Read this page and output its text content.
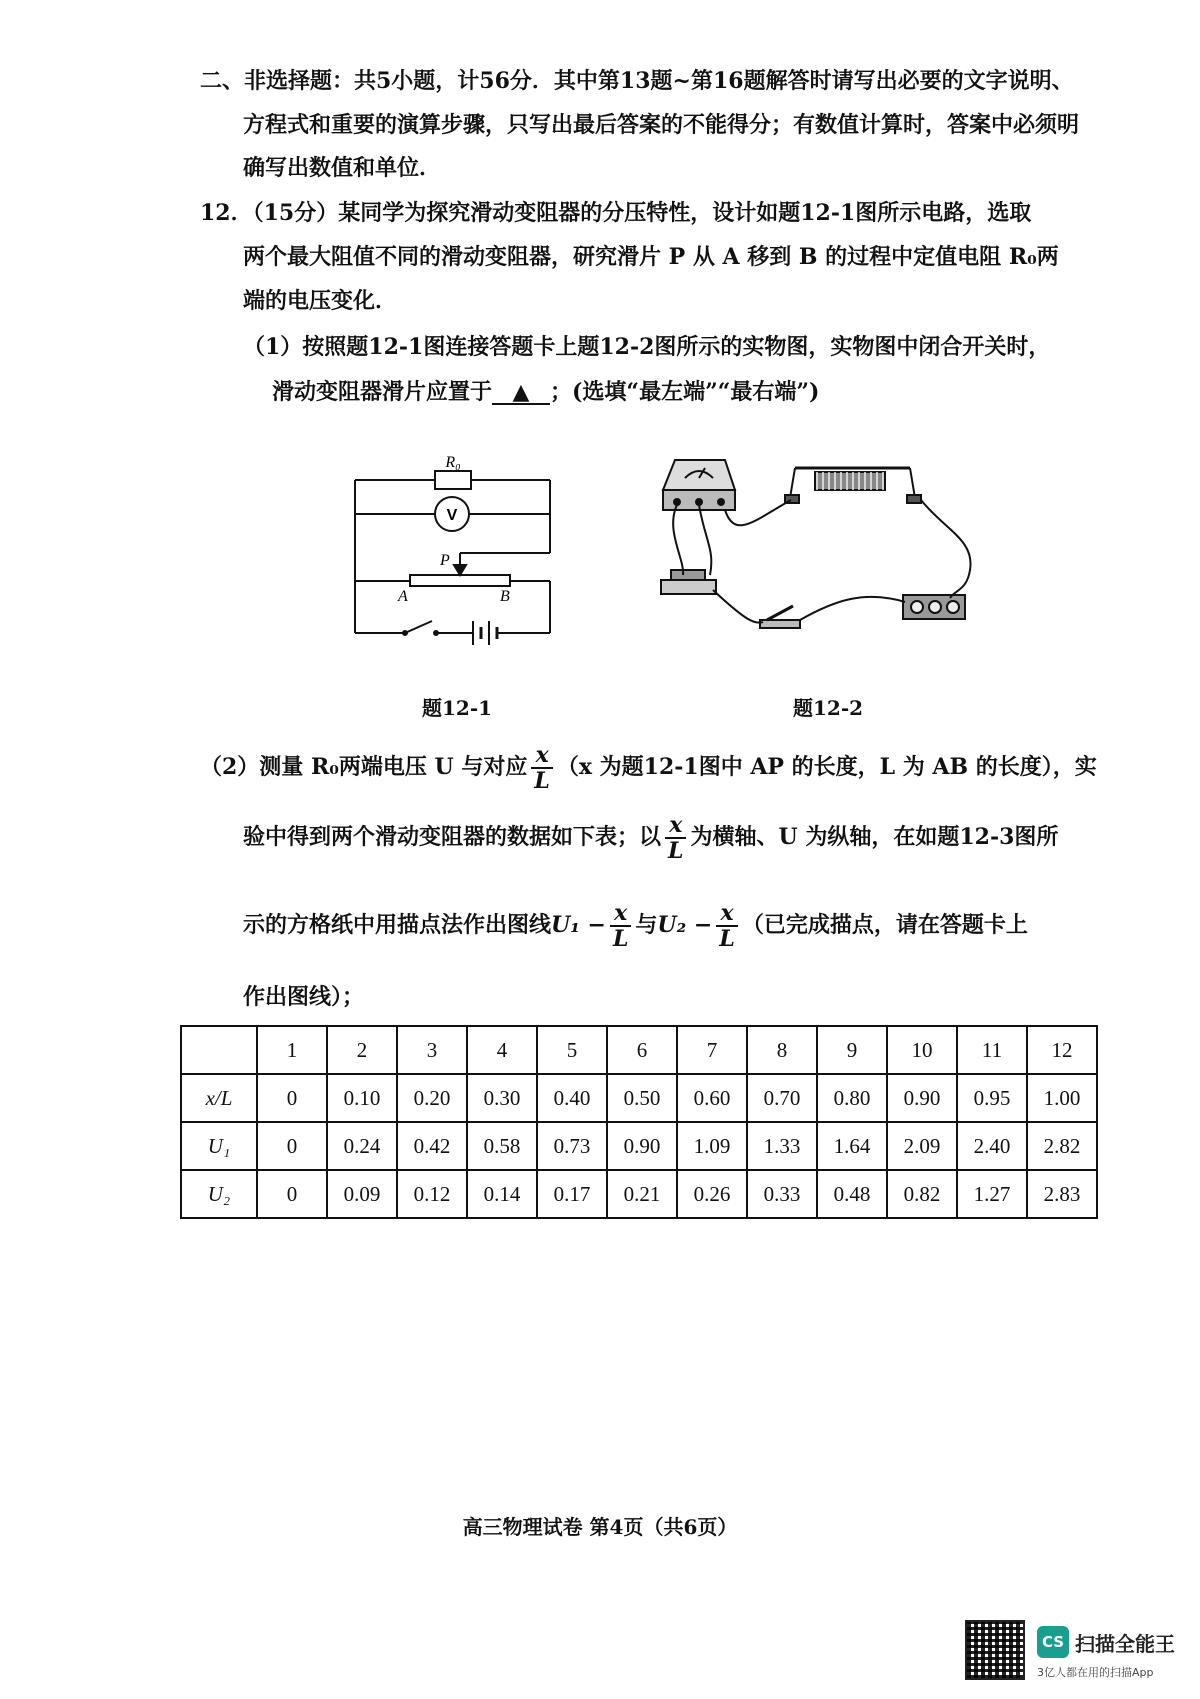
二、非选择题：共5小题，计56分．其中第13题~第16题解答时请写出必要的文字说明、
方程式和重要的演算步骤，只写出最后答案的不能得分；有数值计算时，答案中必须明
确写出数值和单位．
12．（15分）某同学为探究滑动变阻器的分压特性，设计如题12-1图所示电路，选取
两个最大阻值不同的滑动变阻器，研究滑片 P 从 A 移到 B 的过程中定值电阻 R₀两
端的电压变化．
（1）按照题12-1图连接答题卡上题12-2图所示的实物图，实物图中闭合开关时，
滑动变阻器滑片应置于 ▲ ；(选填“最左端”“最右端”)
R₀
V
P
A	B
题12-1	题12-2
（2）测量 R₀两端电压 U 与对应 $\frac{x}{L} (x$ 为题12-1图中 AP 的长度，L 为 AB 的长度），实
验中得到两个滑动变阻器的数据如下表；以 $\frac{x}{L}$ 为横轴、U 为纵轴，在如题12-3图所
示的方格纸中用描点法作出图线$U_1 - \frac{x}{L}$ 与$U_2 - \frac{x}{L}$ （已完成描点，请在答题卡上
作出图线）；
	1	2	3	4	5	6	7	8	9	10	11	12
x/L	0	0.10	0.20	0.30	0.40	0.50	0.60	0.70	0.80	0.90	0.95	1.00
U₁	0	0.24	0.42	0.58	0.73	0.90	1.09	1.33	1.64	2.09	2.40	2.82
U₂	0	0.09	0.12	0.14	0.17	0.21	0.26	0.33	0.48	0.82	1.27	2.83
高三物理试卷 第4页（共6页）
CS 扫描全能王
3亿人都在用的扫描App
